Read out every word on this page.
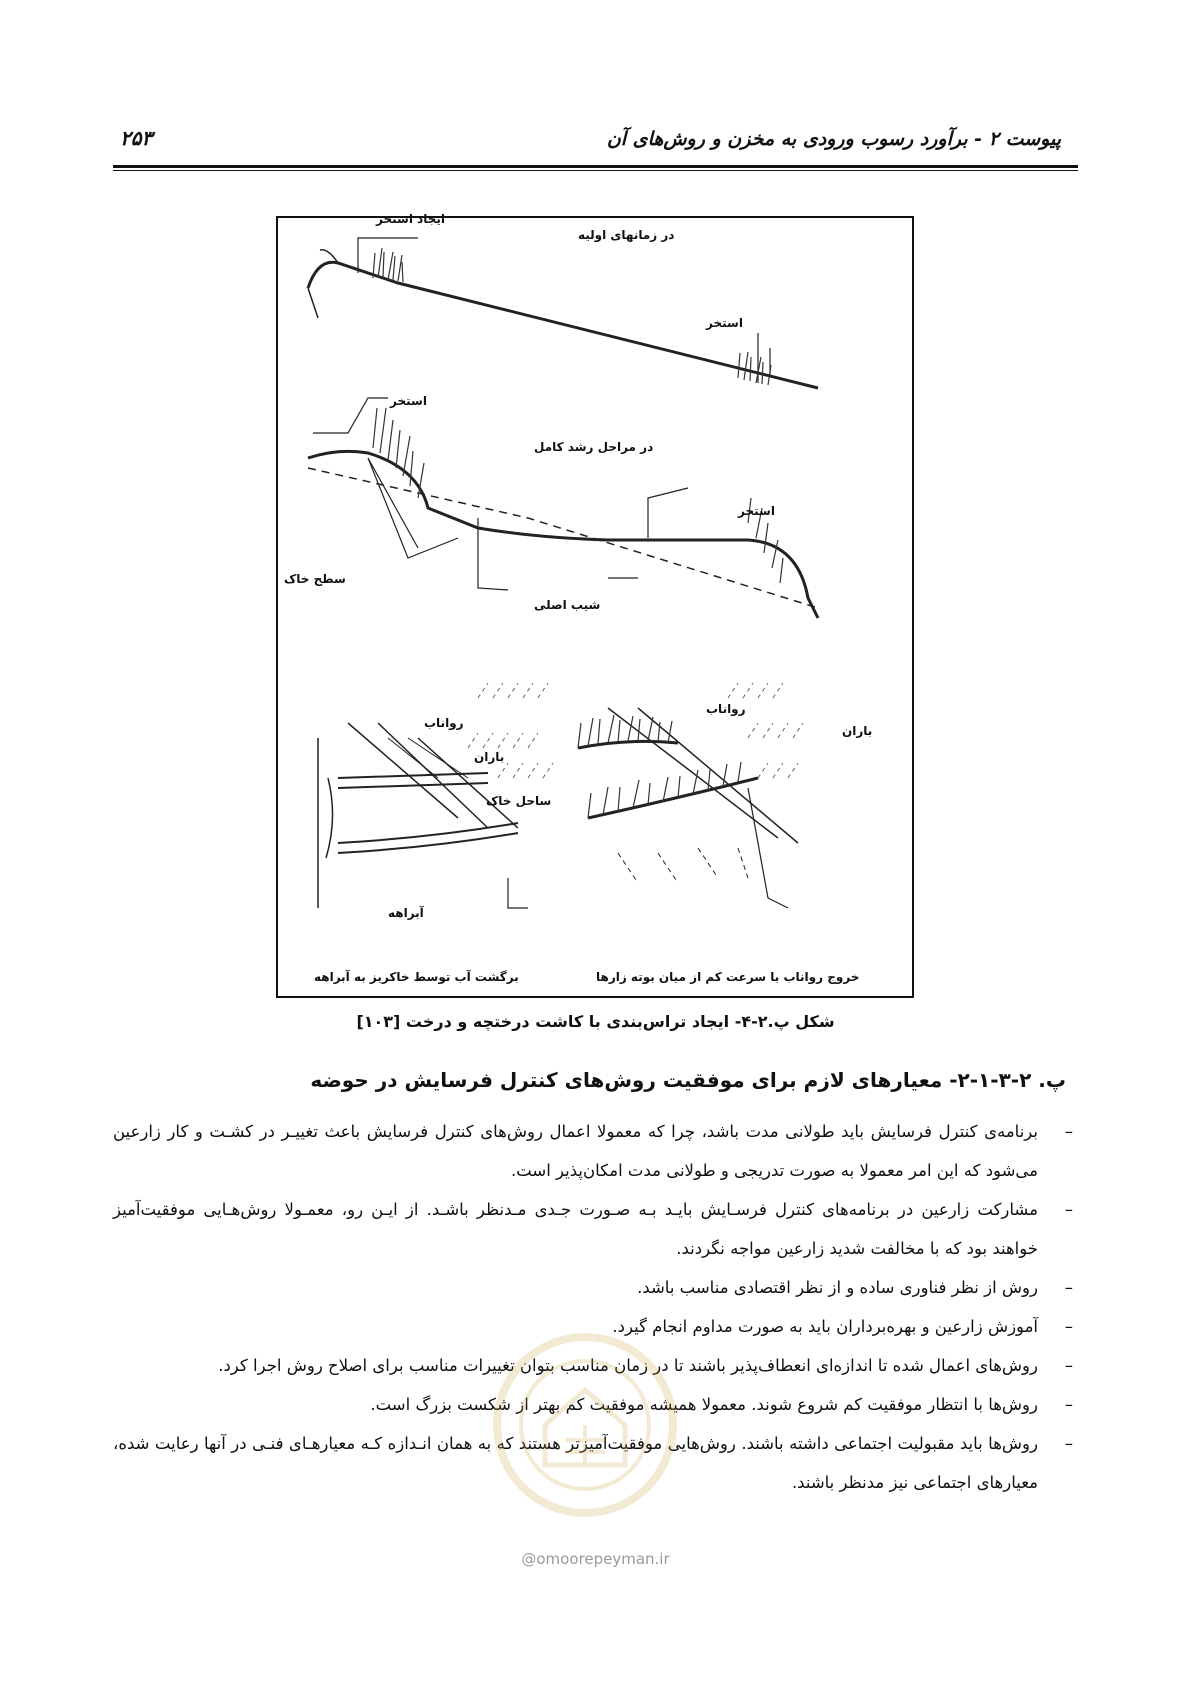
پیوست ۲ - برآورد رسوب ورودی به مخزن و روش‌های آن
۲۵۳
ایجاد استخر
در زمانهای اولیه
استخر
استخر
در مراحل رشد کامل
استخر
سطح خاک
شیب اصلی
رواناب
باران
ساحل خاک
آبراهه
رواناب
باران
برگشت آب توسط خاکریز به آبراهه	خروج رواناب با سرعت کم از میان بوته زارها
شکل پ.۲-۴- ایجاد تراس‌بندی با کاشت درختچه و درخت [۱۰۳]
پ. ۲-۳-۱-۲- معیارهای لازم برای موفقیت روش‌های کنترل فرسایش در حوضه
–
برنامه‌ی کنترل فرسایش باید طولانی مدت باشد، چرا که معمولا اعمال روش‌های کنترل فرسایش باعث تغییـر در کشـت و کار زارعین می‌شود که این امر معمولا به صورت تدریجی و طولانی مدت امکان‌پذیر است.
–
مشارکت زارعین در برنامه‌های کنترل فرسـایش بایـد بـه صـورت جـدی مـدنظر باشـد. از ایـن رو، معمـولا روش‌هـایی موفقیت‌آمیز خواهند بود که با مخالفت شدید زارعین مواجه نگردند.
–
روش از نظر فناوری ساده و از نظر اقتصادی مناسب باشد.
–
آموزش زارعین و بهره‌برداران باید به صورت مداوم انجام گیرد.
–
روش‌های اعمال شده تا اندازه‌ای انعطاف‌پذیر باشند تا در زمان مناسب بتوان تغییرات مناسب برای اصلاح روش اجرا کرد.
–
روش‌ها با انتظار موفقیت کم شروع شوند. معمولا همیشه موفقیت کم بهتر از شکست بزرگ است.
–
روش‌ها باید مقبولیت اجتماعی داشته باشند. روش‌هایی موفقیت‌آمیزتر هستند که به همان انـدازه کـه معیارهـای فنـی در آنها رعایت شده، معیارهای اجتماعی نیز مدنظر باشند.
@omoorepeyman.ir
